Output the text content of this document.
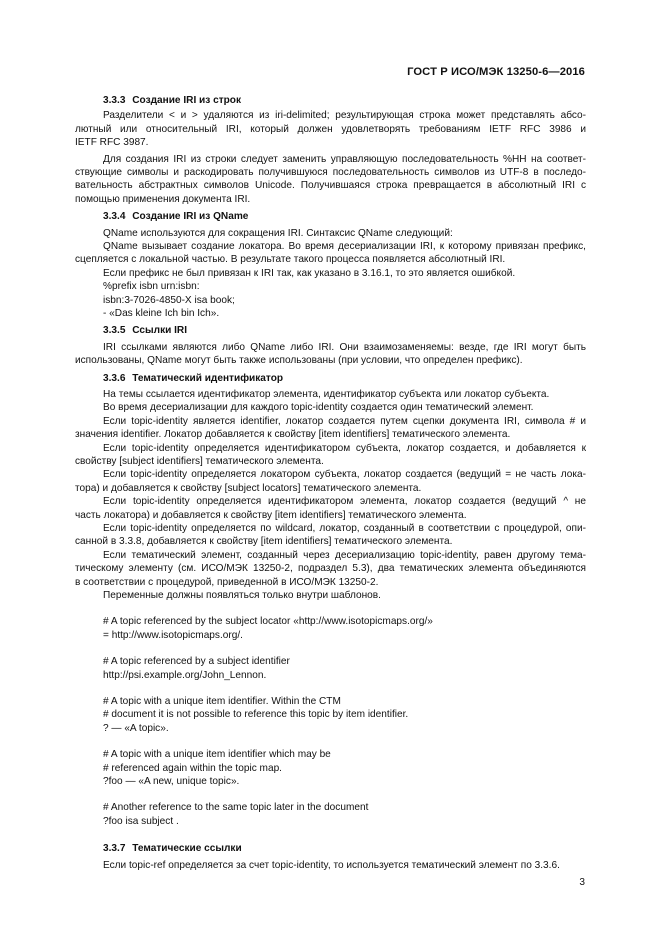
ГОСТ Р ИСО/МЭК 13250-6—2016
3.3.3 Создание IRI из строк
Разделители < и > удаляются из iri-delimited; результирующая строка может представлять абсо-
лютный или относительный IRI, который должен удовлетворять требованиям IETF RFC 3986 и
IETF RFC 3987.
Для создания IRI из строки следует заменить управляющую последовательность %HH на соответ-
ствующие символы и раскодировать получившуюся последовательность символов из UTF-8 в последо-
вательность абстрактных символов Unicode. Получившаяся строка превращается в абсолютный IRI с
помощью применения документа IRI.
3.3.4 Создание IRI из QName
QName используются для сокращения IRI. Синтаксис QName следующий:
QName вызывает создание локатора. Во время десериализации IRI, к которому привязан префикс,
сцепляется с локальной частью. В результате такого процесса появляется абсолютный IRI.
Если префикс не был привязан к IRI так, как указано в 3.16.1, то это является ошибкой.
%prefix isbn urn:isbn:
isbn:3-7026-4850-X isa book;
- «Das kleine Ich bin Ich».
3.3.5 Ссылки IRI
IRI ссылками являются либо QName либо IRI. Они взаимозаменяемы: везде, где IRI могут быть
использованы, QName могут быть также использованы (при условии, что определен префикс).
3.3.6 Тематический идентификатор
На темы ссылается идентификатор элемента, идентификатор субъекта или локатор субъекта.
Во время десериализации для каждого topic-identity создается один тематический элемент.
Если topic-identity является identifier, локатор создается путем сцепки документа IRI, символа # и
значения identifier. Локатор добавляется к свойству [item identifiers] тематического элемента.
Если topic-identity определяется идентификатором субъекта, локатор создается, и добавляется к
свойству [subject identifiers] тематического элемента.
Если topic-identity определяется локатором субъекта, локатор создается (ведущий = не часть лока-
тора) и добавляется к свойству [subject locators] тематического элемента.
Если topic-identity определяется идентификатором элемента, локатор создается (ведущий ^ не
часть локатора) и добавляется к свойству [item identifiers] тематического элемента.
Если topic-identity определяется по wildcard, локатор, созданный в соответствии с процедурой, опи-
санной в 3.3.8, добавляется к свойству [item identifiers] тематического элемента.
Если тематический элемент, созданный через десериализацию topic-identity, равен другому тема-
тическому элементу (см. ИСО/МЭК 13250-2, подраздел 5.3), два тематических элемента объединяются
в соответствии с процедурой, приведенной в ИСО/МЭК 13250-2.
Переменные должны появляться только внутри шаблонов.
# A topic referenced by the subject locator «http://www.isotopicmaps.org/»
= http://www.isotopicmaps.org/.
# A topic referenced by a subject identifier
http://psi.example.org/John_Lennon.
# A topic with a unique item identifier. Within the CTM
# document it is not possible to reference this topic by item identifier.
? — «A topic».
# A topic with a unique item identifier which may be
# referenced again within the topic map.
?foo — «A new, unique topic».
# Another reference to the same topic later in the document
?foo isa subject .
3.3.7 Тематические ссылки
Если topic-ref определяется за счет topic-identity, то используется тематический элемент по 3.3.6.
3
